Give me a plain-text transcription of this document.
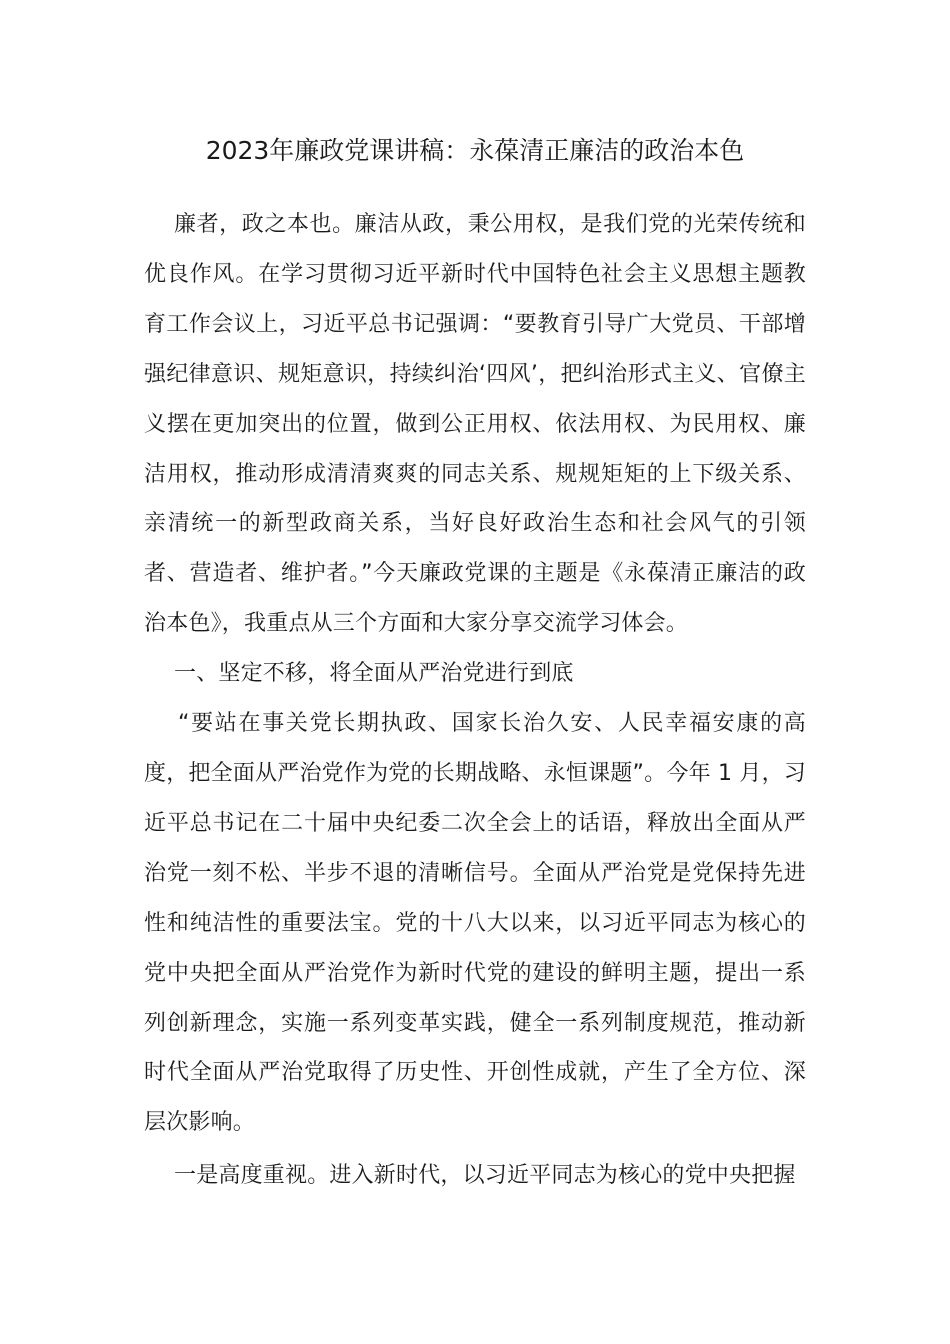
2023年廉政党课讲稿：永葆清正廉洁的政治本色

廉者，政之本也。廉洁从政，秉公用权，是我们党的光荣传统和优良作风。在学习贯彻习近平新时代中国特色社会主义思想主题教育工作会议上，习近平总书记强调：“要教育引导广大党员、干部增强纪律意识、规矩意识，持续纠治‘四风’，把纠治形式主义、官僚主义摆在更加突出的位置，做到公正用权、依法用权、为民用权、廉洁用权，推动形成清清爽爽的同志关系、规规矩矩的上下级关系、亲清统一的新型政商关系，当好良好政治生态和社会风气的引领者、营造者、维护者。”今天廉政党课的主题是《永葆清正廉洁的政治本色》，我重点从三个方面和大家分享交流学习体会。

一、坚定不移，将全面从严治党进行到底

“要站在事关党长期执政、国家长治久安、人民幸福安康的高度，把全面从严治党作为党的长期战略、永恒课题”。今年 1 月，习近平总书记在二十届中央纪委二次全会上的话语，释放出全面从严治党一刻不松、半步不退的清晰信号。全面从严治党是党保持先进性和纯洁性的重要法宝。党的十八大以来，以习近平同志为核心的党中央把全面从严治党作为新时代党的建设的鲜明主题，提出一系列创新理念，实施一系列变革实践，健全一系列制度规范，推动新时代全面从严治党取得了历史性、开创性成就，产生了全方位、深层次影响。

一是高度重视。进入新时代，以习近平同志为核心的党中央把握
